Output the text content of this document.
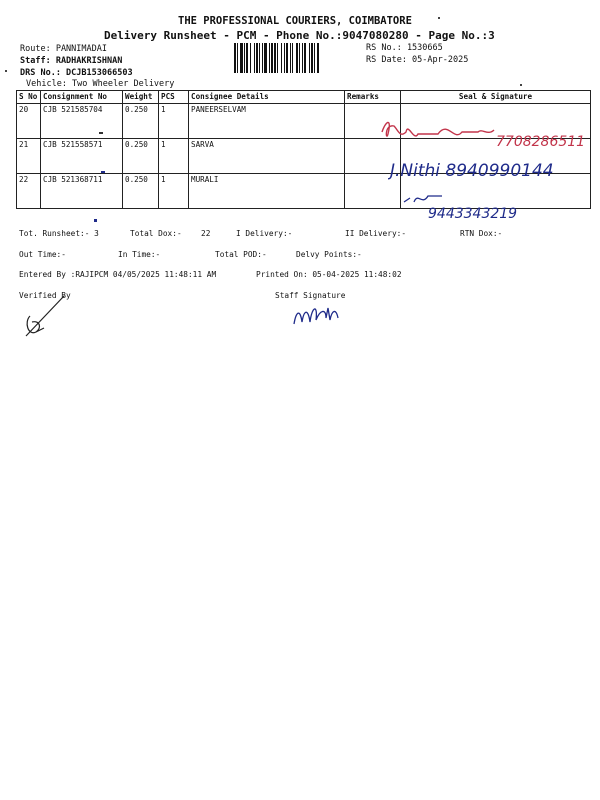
THE PROFESSIONAL COURIERS, COIMBATORE
Delivery Runsheet - PCM - Phone No.:9047080280 - Page No.:3
Route: PANNIMADAI
Staff: RADHAKRISHNAN
DRS No.: DCJB153066503
Vehicle: Two Wheeler Delivery
RS No.: 1530665
RS Date: 05-Apr-2025
S No	Consignment No	Weight	PCS	Consignee Details	Remarks	Seal & Signature
20	CJB 521585704	0.250	1	PANEERSELVAM		
21	CJB 521558571	0.250	1	SARVA		
22	CJB 521368711	0.250	1	MURALI		
7708286511
J.Nithi 8940990144
9443343219
Tot. Runsheet:- 3	Total Dox:- 22	I Delivery:-	II Delivery:-	RTN Dox:-
Out Time:-	In Time:-	Total POD:-	Delvy Points:-
Entered By :RAJIPCM 04/05/2025 11:48:11 AM	Printed On: 05-04-2025 11:48:02
Verified By	Staff Signature
